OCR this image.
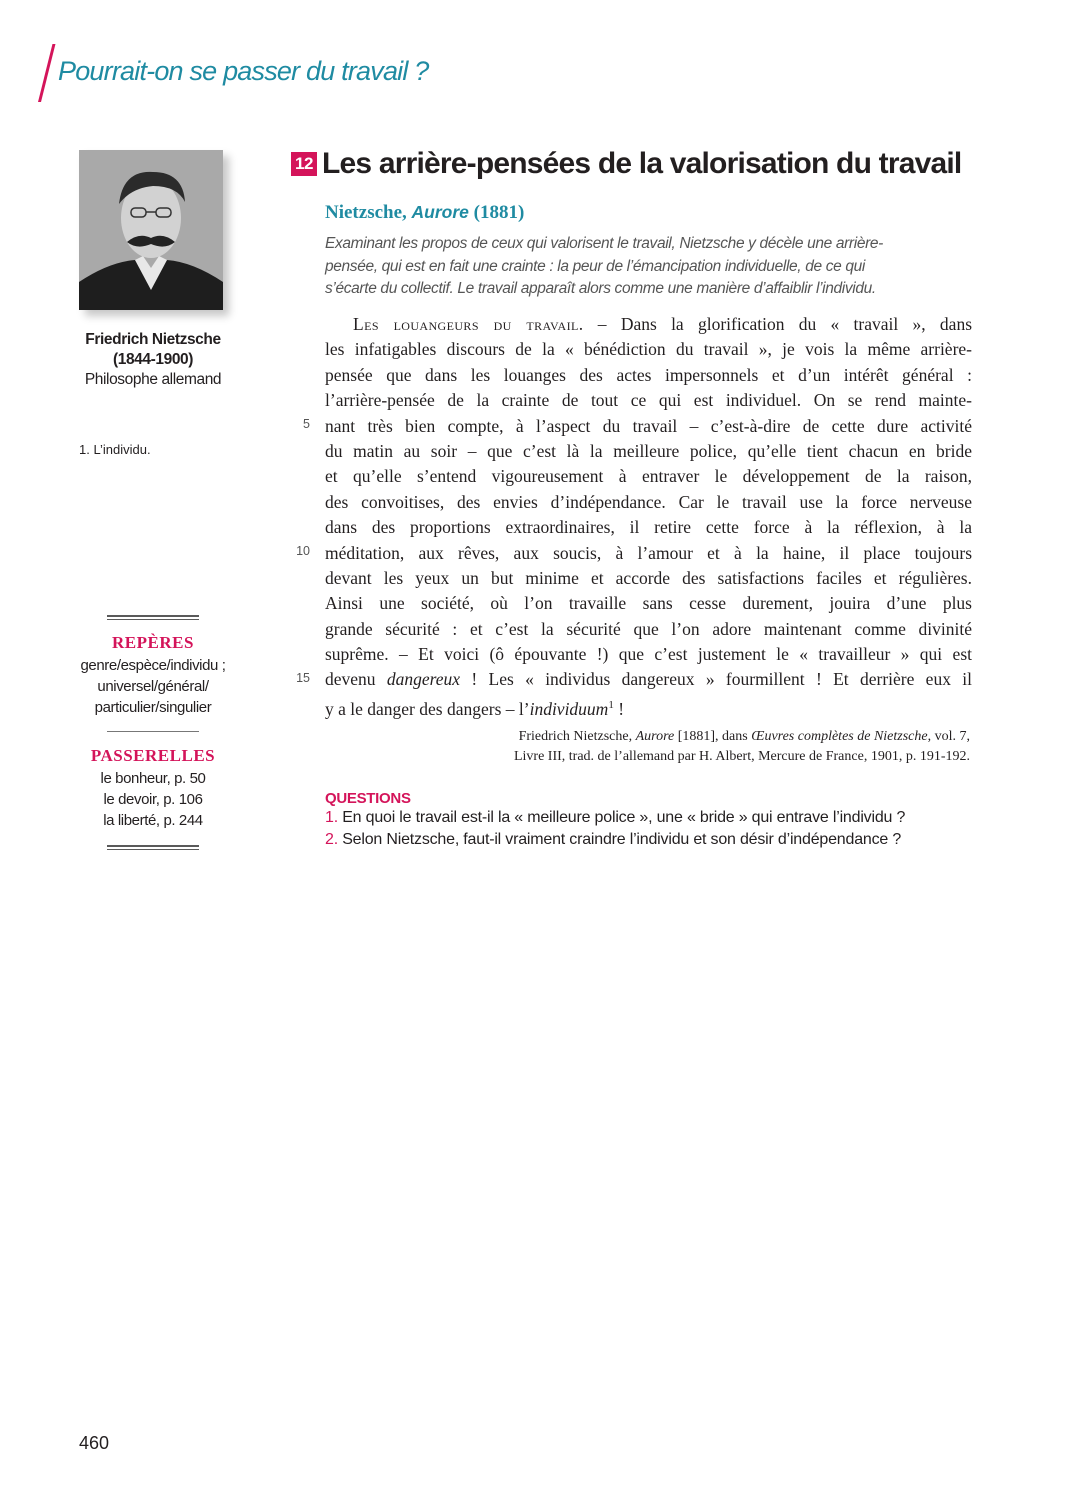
Pourrait-on se passer du travail ?
Friedrich Nietzsche
(1844-1900)
Philosophe allemand
1. L’individu.
REPÈRES
genre/espèce/individu ;
universel/général/
particulier/singulier
PASSERELLES
le bonheur, p. 50
le devoir, p. 106
la liberté, p. 244
12 Les arrière-pensées de la valorisation du travail
Nietzsche, Aurore (1881)
Examinant les propos de ceux qui valorisent le travail, Nietzsche y décèle une arrière-
pensée, qui est en fait une crainte : la peur de l’émancipation individuelle, de ce qui
s’écarte du collectif. Le travail apparaît alors comme une manière d’affaiblir l’individu.
5
10
15
Les louangeurs du travail. – Dans la glorification du « travail », dans
les infatigables discours de la « bénédiction du travail », je vois la même arrière-
pensée que dans les louanges des actes impersonnels et d’un intérêt général :
l’arrière-pensée de la crainte de tout ce qui est individuel. On se rend mainte-
nant très bien compte, à l’aspect du travail – c’est-à-dire de cette dure activité
du matin au soir – que c’est là la meilleure police, qu’elle tient chacun en bride
et qu’elle s’entend vigoureusement à entraver le développement de la raison,
des convoitises, des envies d’indépendance. Car le travail use la force nerveuse
dans des proportions extraordinaires, il retire cette force à la réflexion, à la
méditation, aux rêves, aux soucis, à l’amour et à la haine, il place toujours
devant les yeux un but minime et accorde des satisfactions faciles et régulières.
Ainsi une société, où l’on travaille sans cesse durement, jouira d’une plus
grande sécurité : et c’est la sécurité que l’on adore maintenant comme divinité
suprême. – Et voici (ô épouvante !) que c’est justement le « travailleur » qui est
devenu dangereux ! Les « individus dangereux » fourmillent ! Et derrière eux il
y a le danger des dangers – l’individuum$^1$ !
Friedrich Nietzsche, Aurore [1881], dans Œuvres complètes de Nietzsche, vol. 7,
Livre III, trad. de l’allemand par H. Albert, Mercure de France, 1901, p. 191-192.
QUESTIONS
1. En quoi le travail est-il la « meilleure police », une « bride » qui entrave l’individu ?
2. Selon Nietzsche, faut-il vraiment craindre l’individu et son désir d’indépendance ?
460
